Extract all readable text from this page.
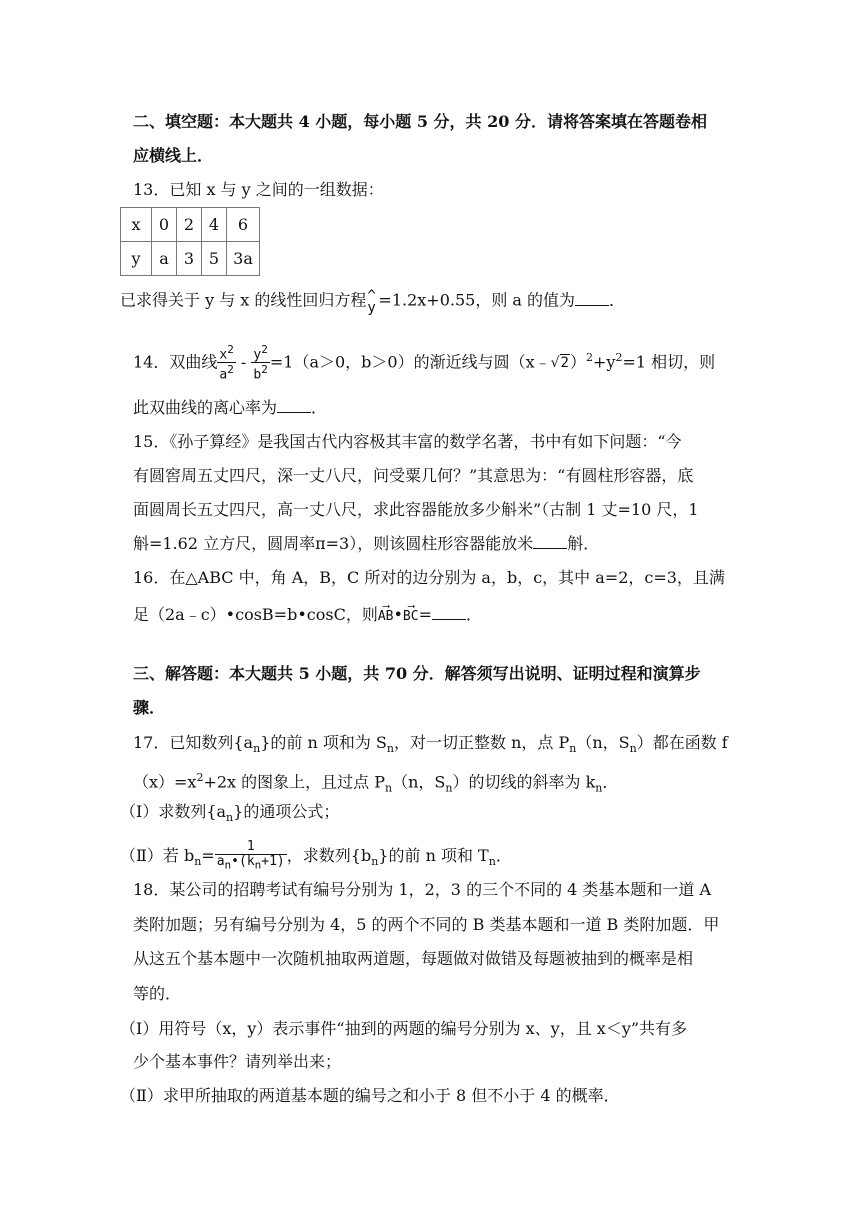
二、填空题：本大题共 4 小题，每小题 5 分，共 20 分．请将答案填在答题卷相
应横线上．
13．已知 x 与 y 之间的一组数据：
x	0	2	4	6
y	a	3	5	3a
已求得关于 y 与 x 的线性回归方程 ^
y =1.2x+0.55，则 a 的值为 ．
14．双曲线 $\frac{x^2}{a^2} - \frac{y^2}{b^2} =1(a>0$，b＞0）的渐近线与圆$(x﹣√2)^2+y^2=1$ 相切，则
此双曲线的离心率为 ．
15．《孙子算经》是我国古代内容极其丰富的数学名著，书中有如下问题：“今
有圆窖周五丈四尺，深一丈八尺，问受粟几何？”其意思为：“有圆柱形容器，底
面圆周长五丈四尺，高一丈八尺，求此容器能放多少斛米”（古制 1 丈=10 尺，1
斛=1.62 立方尺，圆周率π=3），则该圆柱形容器能放米 斛．
16．在△ABC 中，角 A，B，C 所对的边分别为 a，b，c，其中 a=2，c=3，且满
足（2a﹣c）•cosB=b•cosC，则 ⟶
AB• ⟶
BC= ．
三、解答题：本大题共 5 小题，共 70 分．解答须写出说明、证明过程和演算步
骤．
17．已知数列$\{a_n\}$的前 n 项和为 $S_n$，对一切正整数 n，点 $P_n(n$，$S_n$）都在函数 f
$(x)=x^2+2x$ 的图象上，且过点 $P_n(n$，$S_n$）的切线的斜率为 $k_n$．
（I）求数列$\{a_n\}$的通项公式；
（Ⅱ）若 $b_n= \frac{1}{a_n•(k_n+1)}$ ，求数列$\{b_n\}$的前 n 项和 $T_n$．
18．某公司的招聘考试有编号分别为 1，2，3 的三个不同的 4 类基本题和一道 A
类附加题；另有编号分别为 4，5 的两个不同的 B 类基本题和一道 B 类附加题．甲
从这五个基本题中一次随机抽取两道题，每题做对做错及每题被抽到的概率是相
等的．
（I）用符号（x，y）表示事件“抽到的两题的编号分别为 x、y，且 x＜y”共有多
少个基本事件？请列举出来；
（Ⅱ）求甲所抽取的两道基本题的编号之和小于 8 但不小于 4 的概率．
